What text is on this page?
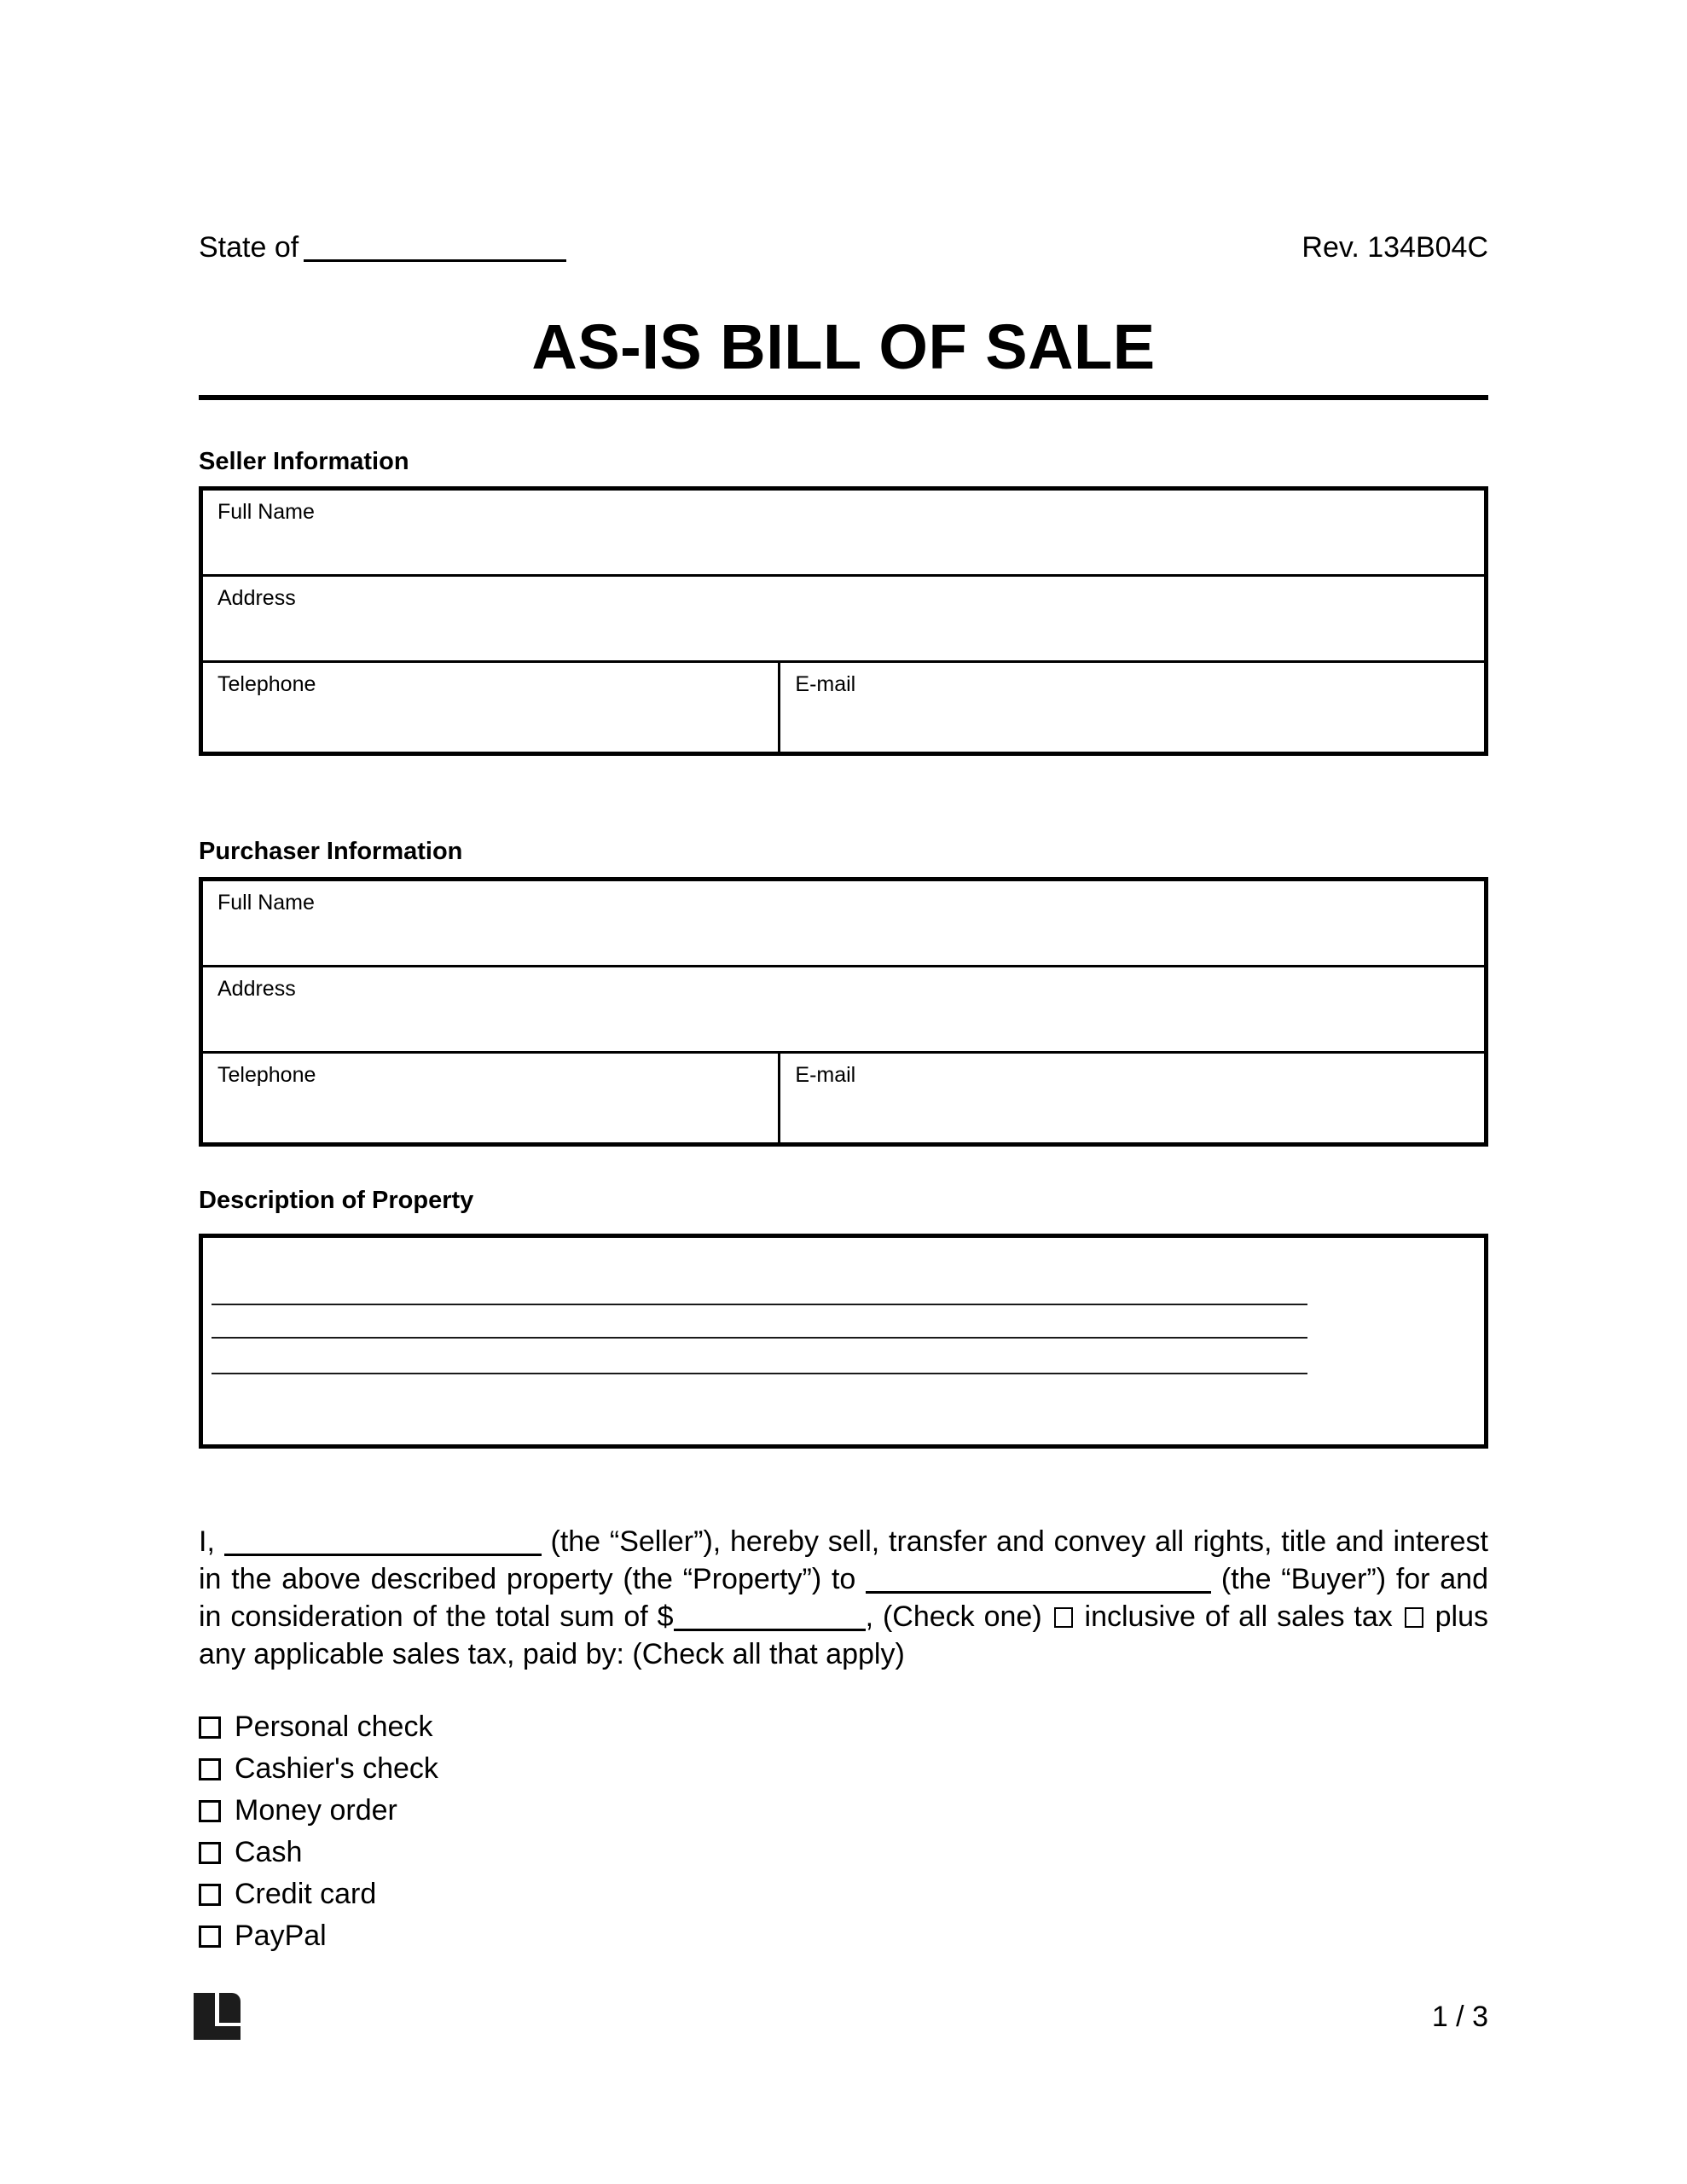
State of	Rev. 134B04C
AS-IS BILL OF SALE
Seller Information
Full Name
Address
Telephone	E-mail
Purchaser Information
Full Name
Address
Telephone	E-mail
Description of Property

I,	(the “Seller”), hereby sell, transfer and convey all rights, title and interest in the above described property (the “Property”) to	(the “Buyer”) for and in consideration of the total sum of $	, (Check one) inclusive of all sales tax plus any applicable sales tax, paid by: (Check all that apply)

Personal check
Cashier's check
Money order
Cash
Credit card
PayPal
1 / 3
